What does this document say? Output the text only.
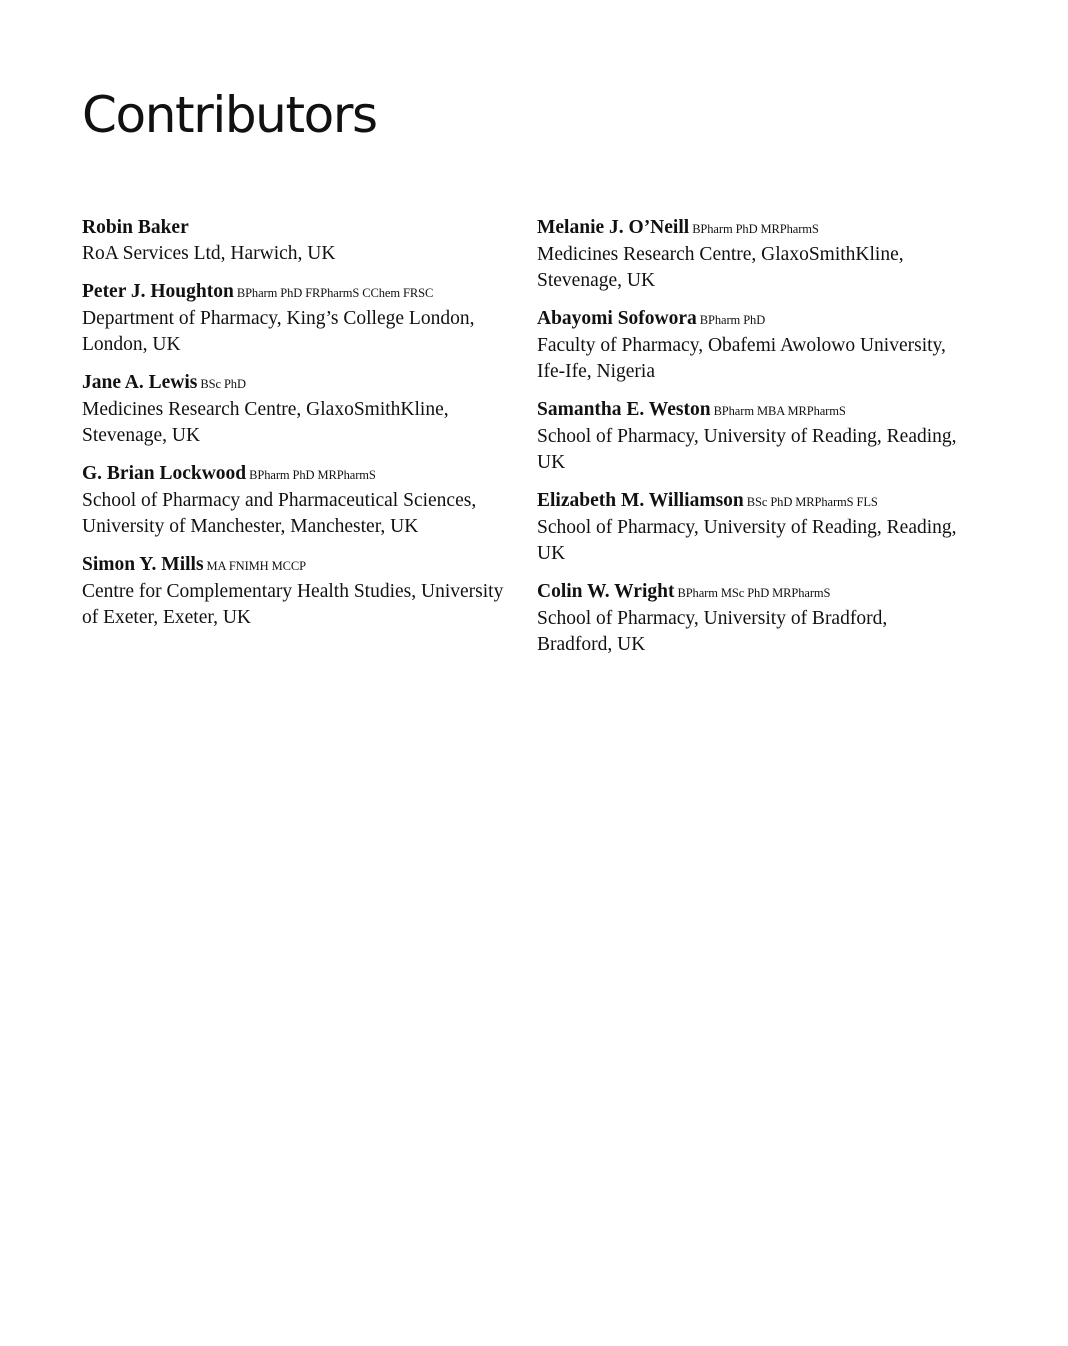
Contributors
Robin Baker
RoA Services Ltd, Harwich, UK
Peter J. Houghton BPharm PhD FRPharmS CChem FRSC
Department of Pharmacy, King’s College London, London, UK
Jane A. Lewis BSc PhD
Medicines Research Centre, GlaxoSmithKline, Stevenage, UK
G. Brian Lockwood BPharm PhD MRPharmS
School of Pharmacy and Pharmaceutical Sciences, University of Manchester, Manchester, UK
Simon Y. Mills MA FNIMH MCCP
Centre for Complementary Health Studies, University of Exeter, Exeter, UK
Melanie J. O’Neill BPharm PhD MRPharmS
Medicines Research Centre, GlaxoSmithKline, Stevenage, UK
Abayomi Sofowora BPharm PhD
Faculty of Pharmacy, Obafemi Awolowo University, Ife-Ife, Nigeria
Samantha E. Weston BPharm MBA MRPharmS
School of Pharmacy, University of Reading, Reading, UK
Elizabeth M. Williamson BSc PhD MRPharmS FLS
School of Pharmacy, University of Reading, Reading, UK
Colin W. Wright BPharm MSc PhD MRPharmS
School of Pharmacy, University of Bradford, Bradford, UK
